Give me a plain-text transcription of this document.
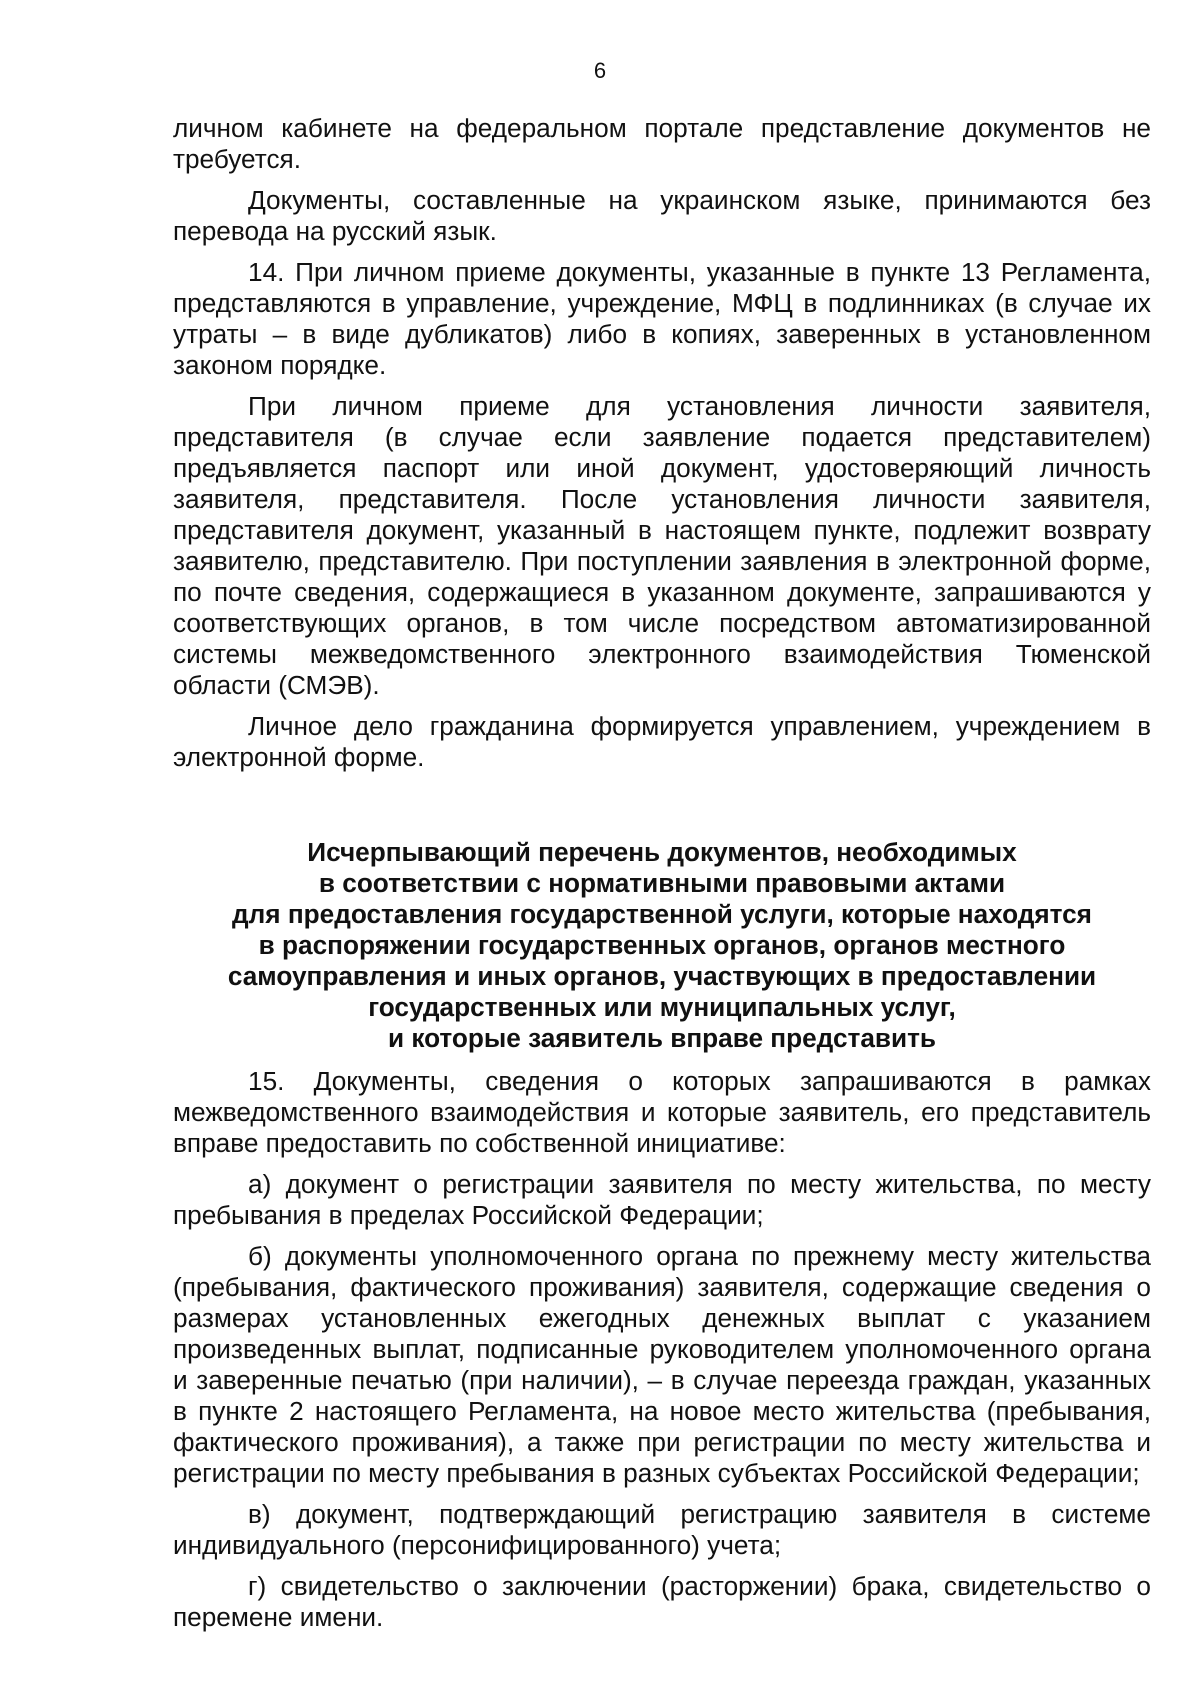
6

личном кабинете на федеральном портале представление документов не требуется.

Документы, составленные на украинском языке, принимаются без перевода на русский язык.

14. При личном приеме документы, указанные в пункте 13 Регламента, представляются в управление, учреждение, МФЦ в подлинниках (в случае их утраты – в виде дубликатов) либо в копиях, заверенных в установленном законом порядке.

При личном приеме для установления личности заявителя, представителя (в случае если заявление подается представителем) предъявляется паспорт или иной документ, удостоверяющий личность заявителя, представителя. После установления личности заявителя, представителя документ, указанный в настоящем пункте, подлежит возврату заявителю, представителю. При поступлении заявления в электронной форме, по почте сведения, содержащиеся в указанном документе, запрашиваются у соответствующих органов, в том числе посредством автоматизированной системы межведомственного электронного взаимодействия Тюменской области (СМЭВ).

Личное дело гражданина формируется управлением, учреждением в электронной форме.

Исчерпывающий перечень документов, необходимых
в соответствии с нормативными правовыми актами
для предоставления государственной услуги, которые находятся
в распоряжении государственных органов, органов местного
самоуправления и иных органов, участвующих в предоставлении
государственных или муниципальных услуг,
и которые заявитель вправе представить

15. Документы, сведения о которых запрашиваются в рамках межведомственного взаимодействия и которые заявитель, его представитель вправе предоставить по собственной инициативе:

а) документ о регистрации заявителя по месту жительства, по месту пребывания в пределах Российской Федерации;

б) документы уполномоченного органа по прежнему месту жительства (пребывания, фактического проживания) заявителя, содержащие сведения о размерах установленных ежегодных денежных выплат с указанием произведенных выплат, подписанные руководителем уполномоченного органа и заверенные печатью (при наличии), – в случае переезда граждан, указанных в пункте 2 настоящего Регламента, на новое место жительства (пребывания, фактического проживания), а также при регистрации по месту жительства и регистрации по месту пребывания в разных субъектах Российской Федерации;

в) документ, подтверждающий регистрацию заявителя в системе индивидуального (персонифицированного) учета;

г) свидетельство о заключении (расторжении) брака, свидетельство о перемене имени.
